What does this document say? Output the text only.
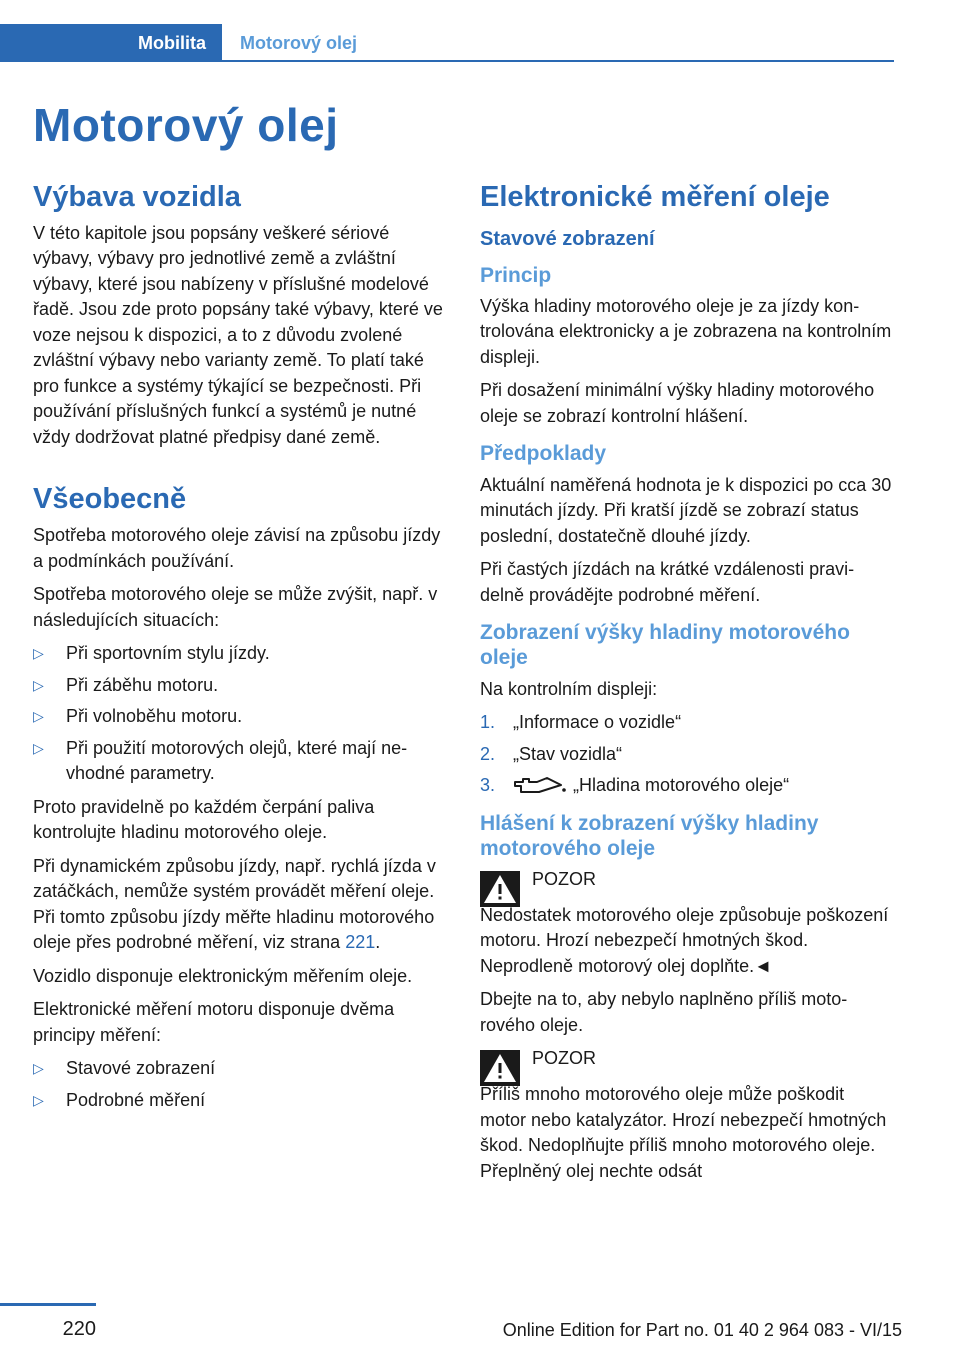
Mobilita	Motorový olej
Motorový olej
Výbava vozidla

V této kapitole jsou popsány veškeré sériové výbavy, výbavy pro jednotlivé země a zvláštní výbavy, které jsou nabízeny v příslušné modelové řadě. Jsou zde proto popsány také výbavy, které ve voze nejsou k dispozici, a to z důvodu zvolené zvláštní výbavy nebo varianty země. To platí také pro funkce a systémy týkající se bezpečnosti. Při používání příslušných funkcí a systémů je nutné vždy dodržovat platné předpisy dané země.

Všeobecně

Spotřeba motorového oleje závisí na způsobu jízdy a podmínkách používání.

Spotřeba motorového oleje se může zvýšit, např. v následujících situacích:

▷	Při sportovním stylu jízdy.
▷	Při záběhu motoru.
▷	Při volnoběhu motoru.
▷	Při použití motorových olejů, které mají nevhodné parametry.

Proto pravidelně po každém čerpání paliva kontrolujte hladinu motorového oleje.

Při dynamickém způsobu jízdy, např. rychlá jízda v zatáčkách, nemůže systém provádět měření oleje. Při tomto způsobu jízdy měřte hladinu motorového oleje přes podrobné měření, viz strana 221.

Vozidlo disponuje elektronickým měřením oleje.

Elektronické měření motoru disponuje dvěma principy měření:

▷	Stavové zobrazení
▷	Podrobné měření
Elektronické měření oleje
Stavové zobrazení
Princip

Výška hladiny motorového oleje je za jízdy kontrolována elektronicky a je zobrazena na kontrolním displeji.

Při dosažení minimální výšky hladiny motorového oleje se zobrazí kontrolní hlášení.

Předpoklady

Aktuální naměřená hodnota je k dispozici po cca 30 minutách jízdy. Při kratší jízdě se zobrazí status poslední, dostatečně dlouhé jízdy.

Při častých jízdách na krátké vzdálenosti pravidelně provádějte podrobné měření.

Zobrazení výšky hladiny motorového oleje

Na kontrolním displeji:

1. „Informace o vozidle“
2. „Stav vozidla“
3.	„Hladina motorového oleje“
Hlášení k zobrazení výšky hladiny motorového oleje

POZOR

Nedostatek motorového oleje způsobuje poškození motoru. Hrozí nebezpečí hmotných škod. Neprodleně motorový olej doplňte.◄

Dbejte na to, aby nebylo naplněno příliš motorového oleje.

POZOR

Příliš mnoho motorového oleje může poškodit motor nebo katalyzátor. Hrozí nebezpečí hmotných škod. Nedoplňujte příliš mnoho motorového oleje. Přeplněný olej nechte odsát

220	Online Edition for Part no. 01 40 2 964 083 - VI/15
